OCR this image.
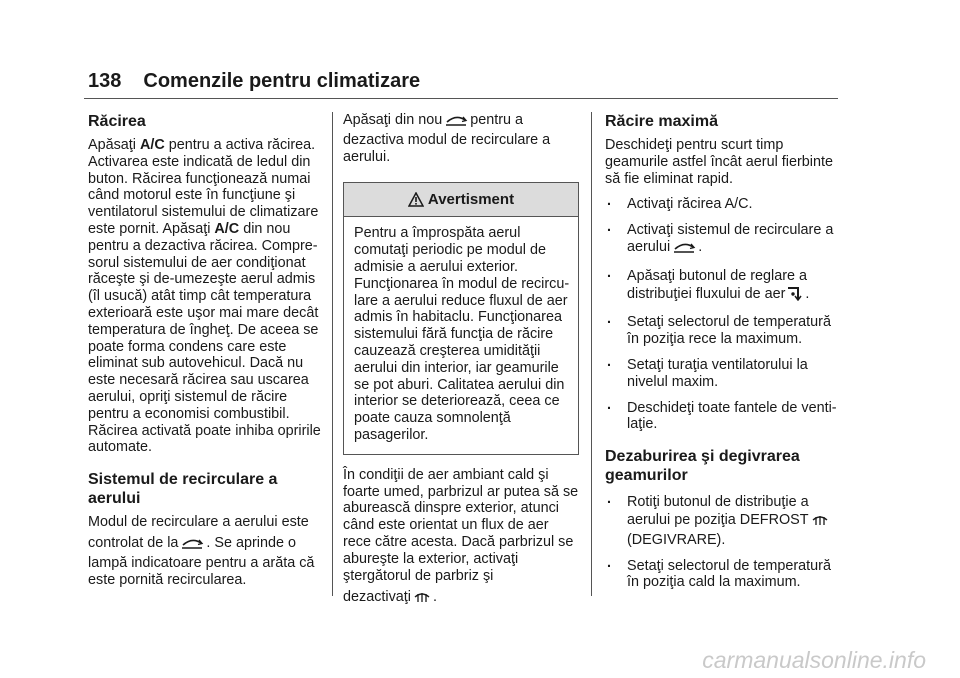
138 Comenzile pentru climatizare
Răcirea

Apăsaţi A/C pentru a activa răcirea. Activarea este indicată de ledul din buton. Răcirea funcţionează numai când motorul este în funcţiune şi ventilatorul sistemului de climatizare este pornit. Apăsaţi A/C din nou pentru a dezactiva răcirea. Compre-sorul sistemului de aer condiţionat răceşte şi de-umezeşte aerul admis (îl usucă) atât timp cât temperatura exterioară este uşor mai mare decât temperatura de îngheţ. De aceea se poate forma condens care este eliminat sub autovehicul. Dacă nu este necesară răcirea sau uscarea aerului, opriţi sistemul de răcire pentru a economisi combustibil. Răcirea activată poate inhiba opririle automate.

Sistemul de recirculare a aerului

Modul de recirculare a aerului este

controlat de la . Se aprinde o lampă indicatoare pentru a arăta că este pornită recircularea.

Apăsaţi din nou pentru a dezactiva modul de recirculare a aerului.

Avertisment
Pentru a împrospăta aerul comutaţi periodic pe modul de admisie a aerului exterior. Funcţionarea în modul de recircu-lare a aerului reduce fluxul de aer admis în habitaclu. Funcţionarea sistemului fără funcţia de răcire cauzează creşterea umidităţii aerului din interior, iar geamurile se pot aburi. Calitatea aerului din interior se deteriorează, ceea ce poate cauza somnolenţă pasagerilor.

În condiţii de aer ambiant cald şi foarte umed, parbrizul ar putea să se aburească dinspre exterior, atunci când este orientat un flux de aer rece către acesta. Dacă parbrizul se abureşte la exterior, activaţi ştergătorul de parbriz şi

dezactivaţi .

Răcire maximă

Deschideţi pentru scurt timp geamurile astfel încât aerul fierbinte să fie eliminat rapid.

. Activaţi răcirea A/C.
. Activaţi sistemul de recirculare a aerului .
. Apăsaţi butonul de reglare a distribuţiei fluxului de aer .
. Setaţi selectorul de temperatură în poziţia rece la maximum.
. Setaţi turaţia ventilatorului la nivelul maxim.
. Deschideţi toate fantele de venti-laţie.
Dezaburirea şi degivrarea geamurilor
. Rotiţi butonul de distribuţie a aerului pe poziţia DEFROST (DEGIVRARE).
. Setaţi selectorul de temperatură în poziţia cald la maximum.
carmanualsonline.info
